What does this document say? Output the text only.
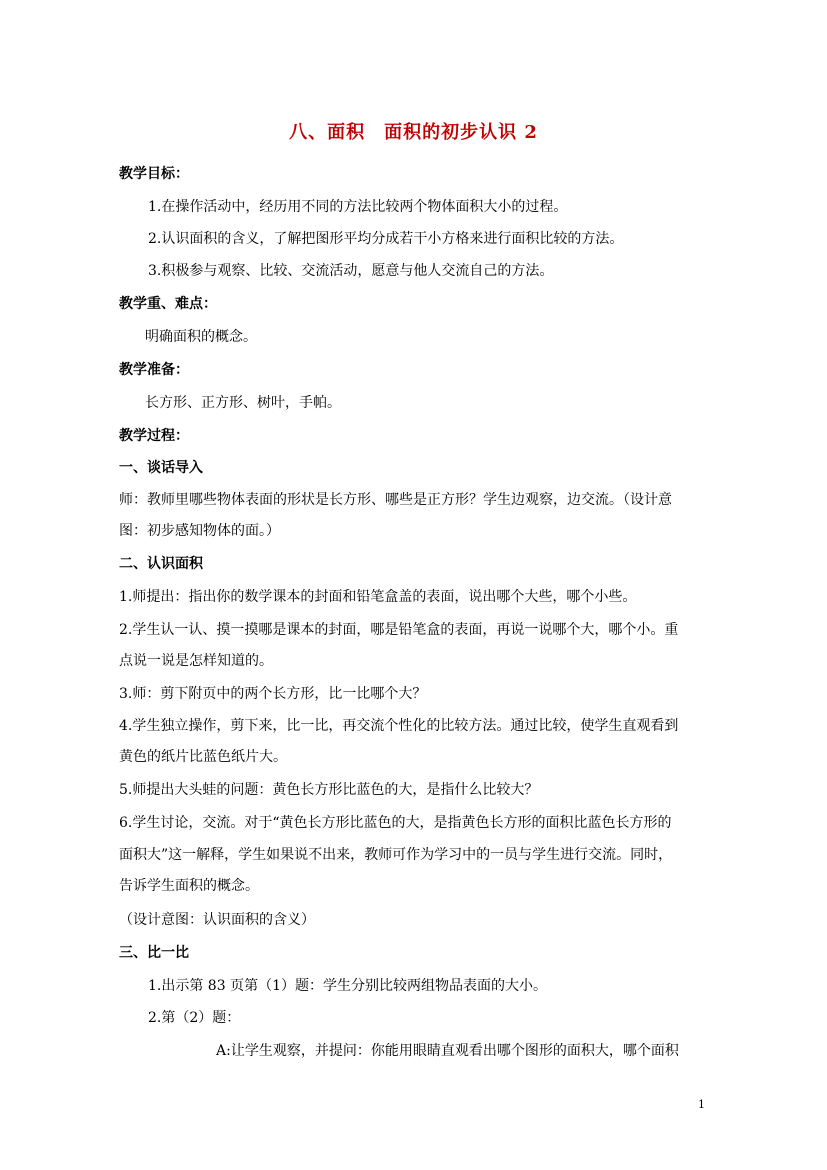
八、面积　面积的初步认识 2
教学目标：
1.在操作活动中，经历用不同的方法比较两个物体面积大小的过程。
2.认识面积的含义，了解把图形平均分成若干小方格来进行面积比较的方法。
3.积极参与观察、比较、交流活动，愿意与他人交流自己的方法。
教学重、难点：
明确面积的概念。
教学准备：
长方形、正方形、树叶，手帕。
教学过程：
一、谈话导入
师：教师里哪些物体表面的形状是长方形、哪些是正方形？学生边观察，边交流。（设计意
图：初步感知物体的面。）
二、认识面积
1.师提出：指出你的数学课本的封面和铅笔盒盖的表面，说出哪个大些，哪个小些。
2.学生认一认、摸一摸哪是课本的封面，哪是铅笔盒的表面，再说一说哪个大，哪个小。重
点说一说是怎样知道的。
3.师：剪下附页中的两个长方形，比一比哪个大？
4.学生独立操作，剪下来，比一比，再交流个性化的比较方法。通过比较，使学生直观看到
黄色的纸片比蓝色纸片大。
5.师提出大头蛙的问题：黄色长方形比蓝色的大，是指什么比较大？
6.学生讨论，交流。对于“黄色长方形比蓝色的大，是指黄色长方形的面积比蓝色长方形的
面积大”这一解释，学生如果说不出来，教师可作为学习中的一员与学生进行交流。同时，
告诉学生面积的概念。
（设计意图：认识面积的含义）
三、比一比
1.出示第 83 页第（1）题：学生分别比较两组物品表面的大小。
2.第（2）题：
A:让学生观察，并提问：你能用眼睛直观看出哪个图形的面积大，哪个面积
1
